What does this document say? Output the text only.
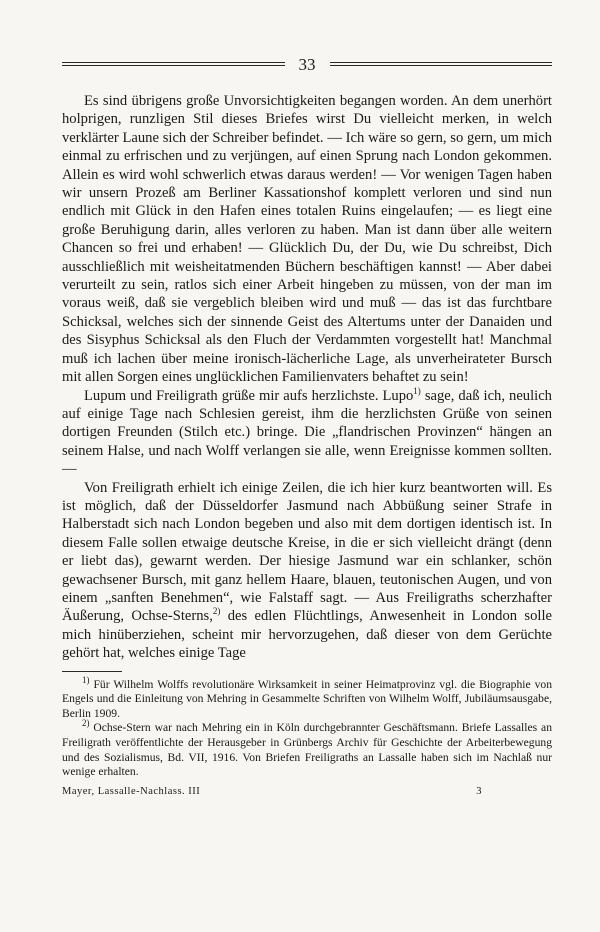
33

Es sind übrigens große Unvorsichtigkeiten begangen worden. An dem unerhört holprigen, runzligen Stil dieses Briefes wirst Du vielleicht merken, in welch verklärter Laune sich der Schreiber befindet. — Ich wäre so gern, so gern, um mich einmal zu erfrischen und zu verjüngen, auf einen Sprung nach London gekommen. Allein es wird wohl schwerlich etwas daraus werden! — Vor wenigen Tagen haben wir unsern Prozeß am Berliner Kassationshof komplett verloren und sind nun endlich mit Glück in den Hafen eines totalen Ruins eingelaufen; — es liegt eine große Beruhigung darin, alles verloren zu haben. Man ist dann über alle weitern Chancen so frei und erhaben! — Glücklich Du, der Du, wie Du schreibst, Dich ausschließlich mit weisheitatmenden Büchern beschäftigen kannst! — Aber dabei verurteilt zu sein, ratlos sich einer Arbeit hingeben zu müssen, von der man im voraus weiß, daß sie vergeblich bleiben wird und muß — das ist das furchtbare Schicksal, welches sich der sinnende Geist des Altertums unter der Danaiden und des Sisyphus Schicksal als den Fluch der Verdammten vorgestellt hat! Manchmal muß ich lachen über meine ironisch-lächerliche Lage, als unverheirateter Bursch mit allen Sorgen eines unglücklichen Familienvaters behaftet zu sein!

Lupum und Freiligrath grüße mir aufs herzlichste. Lupo$^{1)}$ sage, daß ich, neulich auf einige Tage nach Schlesien gereist, ihm die herzlichsten Grüße von seinen dortigen Freunden (Stilch etc.) bringe. Die „flandrischen Provinzen“ hängen an seinem Halse, und nach Wolff verlangen sie alle, wenn Ereignisse kommen sollten. —

Von Freiligrath erhielt ich einige Zeilen, die ich hier kurz beantworten will. Es ist möglich, daß der Düsseldorfer Jasmund nach Abbüßung seiner Strafe in Halberstadt sich nach London begeben und also mit dem dortigen identisch ist. In diesem Falle sollen etwaige deutsche Kreise, in die er sich vielleicht drängt (denn er liebt das), gewarnt werden. Der hiesige Jasmund war ein schlanker, schön gewachsener Bursch, mit ganz hellem Haare, blauen, teutonischen Augen, und von einem „sanften Benehmen“, wie Falstaff sagt. — Aus Freiligraths scherzhafter Äußerung, Ochse-Sterns,$^{2)}$ des edlen Flüchtlings, Anwesenheit in London solle mich hinüberziehen, scheint mir hervorzugehen, daß dieser von dem Gerüchte gehört hat, welches einige Tage

$^{1)}$ Für Wilhelm Wolffs revolutionäre Wirksamkeit in seiner Heimatprovinz vgl. die Biographie von Engels und die Einleitung von Mehring in Gesammelte Schriften von Wilhelm Wolff, Jubiläumsausgabe, Berlin 1909.

$^{2)}$ Ochse-Stern war nach Mehring ein in Köln durchgebrannter Geschäftsmann. Briefe Lassalles an Freiligrath veröffentlichte der Herausgeber in Grünbergs Archiv für Geschichte der Arbeiterbewegung und des Sozialismus, Bd. VII, 1916. Von Briefen Freiligraths an Lassalle haben sich im Nachlaß nur wenige erhalten.

Mayer, Lassalle-Nachlass. III	3
